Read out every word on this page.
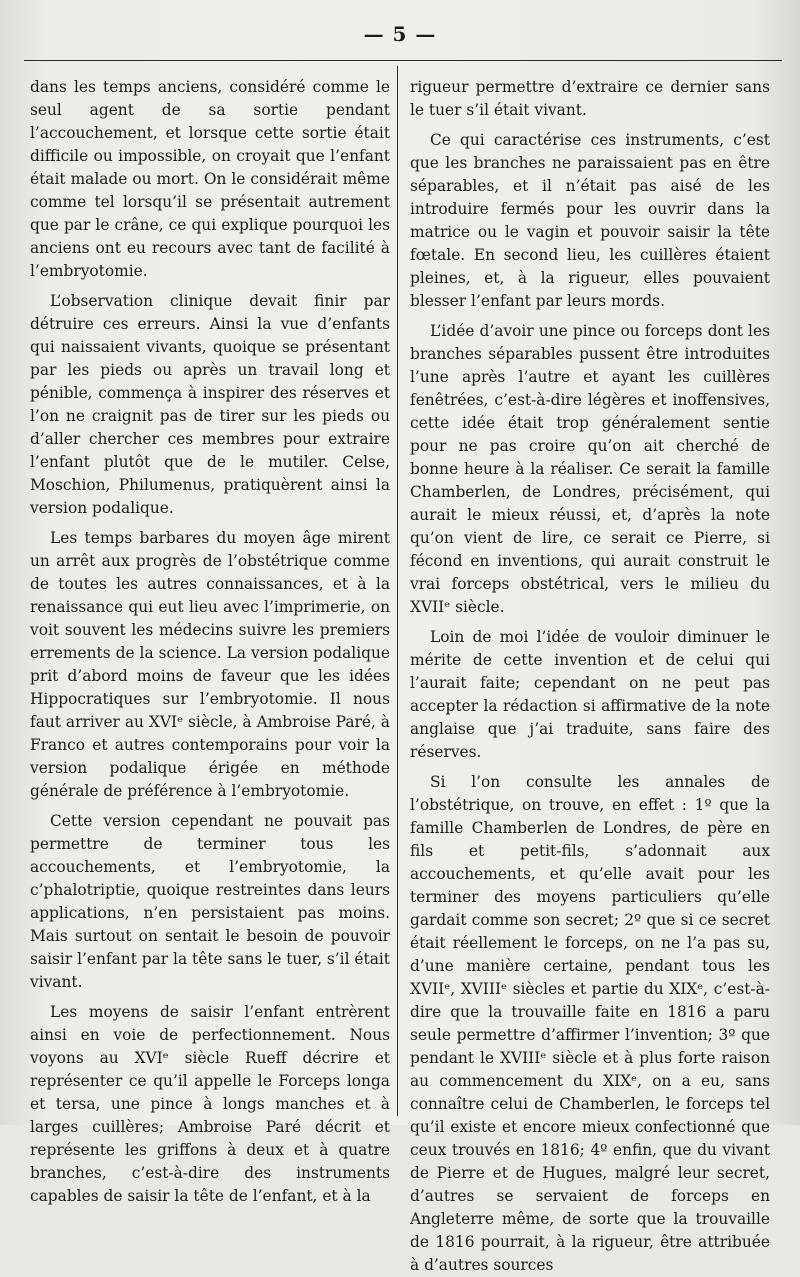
— 5 —

dans les temps anciens, considéré comme le seul agent de sa sortie pendant l’accouchement, et lorsque cette sortie était difficile ou impossible, on croyait que l’enfant était malade ou mort. On le considérait même comme tel lorsqu’il se présentait autrement que par le crâne, ce qui explique pourquoi les anciens ont eu recours avec tant de facilité à l’embryotomie.

L’observation clinique devait finir par détruire ces erreurs. Ainsi la vue d’enfants qui naissaient vivants, quoique se présentant par les pieds ou après un travail long et pénible, commença à inspirer des réserves et l’on ne craignit pas de tirer sur les pieds ou d’aller chercher ces membres pour extraire l’enfant plutôt que de le mutiler. Celse, Moschion, Philumenus, pratiquèrent ainsi la version podalique.

Les temps barbares du moyen âge mirent un arrêt aux progrès de l’obstétrique comme de toutes les autres connaissances, et à la renaissance qui eut lieu avec l’imprimerie, on voit souvent les médecins suivre les premiers errements de la science. La version podalique prit d’abord moins de faveur que les idées Hippocratiques sur l’embryotomie. Il nous faut arriver au XVIᵉ siècle, à Ambroise Paré, à Franco et autres contemporains pour voir la version podalique érigée en méthode générale de préférence à l’embryotomie.

Cette version cependant ne pouvait pas permettre de terminer tous les accouchements, et l’embryotomie, la c’phalotriptie, quoique restreintes dans leurs applications, n’en persistaient pas moins. Mais surtout on sentait le besoin de pouvoir saisir l’enfant par la tête sans le tuer, s’il était vivant.

Les moyens de saisir l’enfant entrèrent ainsi en voie de perfectionnement. Nous voyons au XVIᵉ siècle Rueff décrire et représenter ce qu’il appelle le Forceps longa et tersa, une pince à longs manches et à larges cuillères; Ambroise Paré décrit et représente les griffons à deux et à quatre branches, c’est-à-dire des instruments capables de saisir la tête de l’enfant, et à la

rigueur permettre d’extraire ce dernier sans le tuer s’il était vivant.

Ce qui caractérise ces instruments, c’est que les branches ne paraissaient pas en être séparables, et il n’était pas aisé de les introduire fermés pour les ouvrir dans la matrice ou le vagin et pouvoir saisir la tête fœtale. En second lieu, les cuillères étaient pleines, et, à la rigueur, elles pouvaient blesser l’enfant par leurs mords.

L’idée d’avoir une pince ou forceps dont les branches séparables pussent être introduites l’une après l’autre et ayant les cuillères fenêtrées, c’est-à-dire légères et inoffensives, cette idée était trop généralement sentie pour ne pas croire qu’on ait cherché de bonne heure à la réaliser. Ce serait la famille Chamberlen, de Londres, précisément, qui aurait le mieux réussi, et, d’après la note qu’on vient de lire, ce serait ce Pierre, si fécond en inventions, qui aurait construit le vrai forceps obstétrical, vers le milieu du XVIIᵉ siècle.

Loin de moi l’idée de vouloir diminuer le mérite de cette invention et de celui qui l’aurait faite; cependant on ne peut pas accepter la rédaction si affirmative de la note anglaise que j’ai traduite, sans faire des réserves.

Si l’on consulte les annales de l’obstétrique, on trouve, en effet : 1º que la famille Chamberlen de Londres, de père en fils et petit-fils, s’adonnait aux accouchements, et qu’elle avait pour les terminer des moyens particuliers qu’elle gardait comme son secret; 2º que si ce secret était réellement le forceps, on ne l’a pas su, d’une manière certaine, pendant tous les XVIIᵉ, XVIIIᵉ siècles et partie du XIXᵉ, c’est-à-dire que la trouvaille faite en 1816 a paru seule permettre d’affirmer l’invention; 3º que pendant le XVIIIᵉ siècle et à plus forte raison au commencement du XIXᵉ, on a eu, sans connaître celui de Chamberlen, le forceps tel qu’il existe et encore mieux confectionné que ceux trouvés en 1816; 4º enfin, que du vivant de Pierre et de Hugues, malgré leur secret, d’autres se servaient de forceps en Angleterre même, de sorte que la trouvaille de 1816 pourrait, à la rigueur, être attribuée à d’autres sources
